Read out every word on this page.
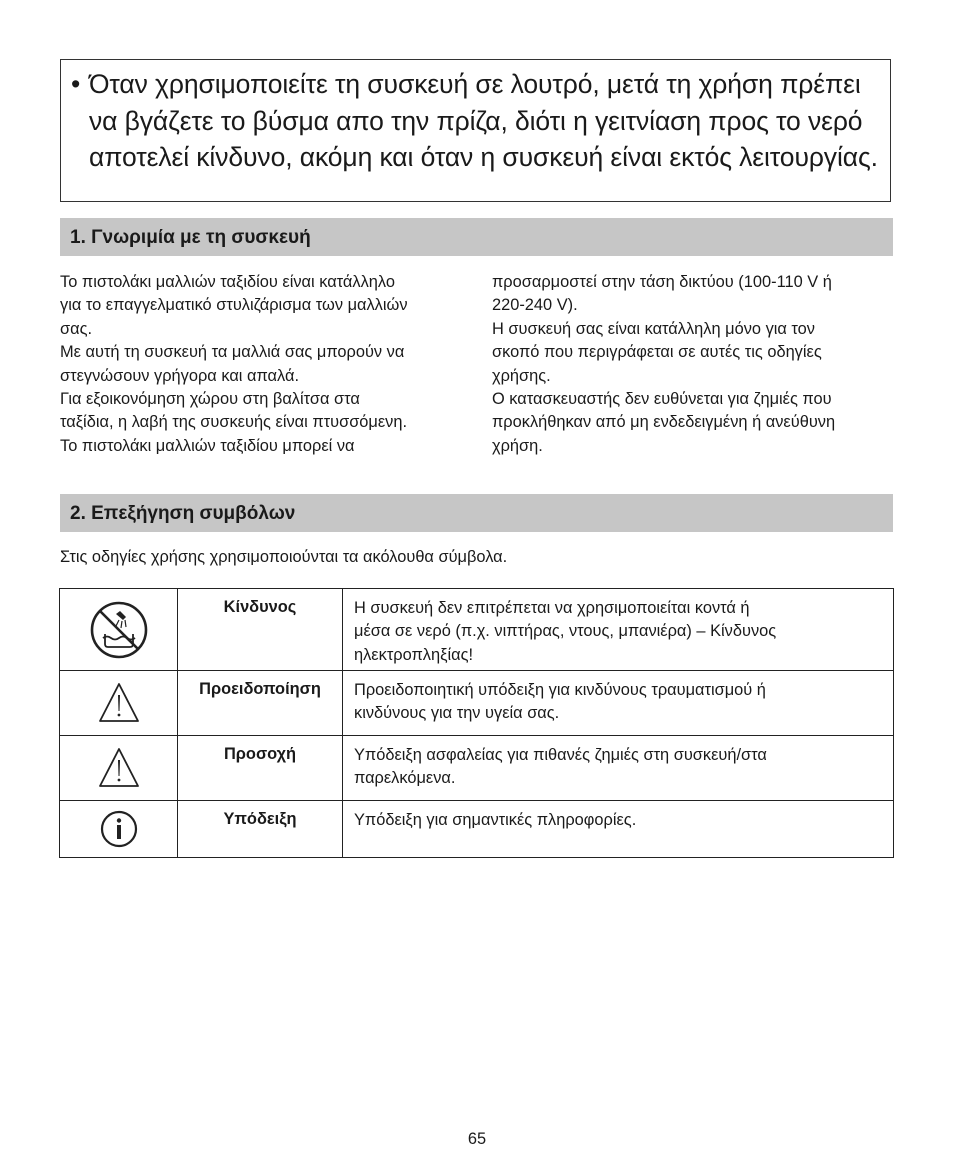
• Όταν χρησιμοποιείτε τη συσκευή σε λουτρό, μετά τη χρήση πρέπει να βγάζετε το βύσμα απο την πρίζα, διότι η γειτνίαση προς το νερό αποτελεί κίνδυνο, ακόμη και όταν η συσκευή είναι εκτός λειτουργίας.
1. Γνωριμία με τη συσκευή

Το πιστολάκι μαλλιών ταξιδίου είναι κατάλληλο

για το επαγγελματικό στυλιζάρισμα των μαλλιών

σας.

Με αυτή τη συσκευή τα μαλλιά σας μπορούν να

στεγνώσουν γρήγορα και απαλά.

Για εξοικονόμηση χώρου στη βαλίτσα στα

ταξίδια, η λαβή της συσκευής είναι πτυσσόμενη.

Το πιστολάκι μαλλιών ταξιδίου μπορεί να

προσαρμοστεί στην τάση δικτύου (100-110 V ή

220-240 V).

Η συσκευή σας είναι κατάλληλη μόνο για τον

σκοπό που περιγράφεται σε αυτές τις οδηγίες

χρήσης.

Ο κατασκευαστής δεν ευθύνεται για ζημιές που

προκλήθηκαν από μη ενδεδειγμένη ή ανεύθυνη

χρήση.

2. Επεξήγηση συμβόλων
Στις οδηγίες χρήσης χρησιμοποιούνται τα ακόλουθα σύμβολα.
	Κίνδυνος	Η συσκευή δεν επιτρέπεται να χρησιμοποιείται κοντά ή
μέσα σε νερό (π.χ. νιπτήρας, ντους, μπανιέρα) – Κίνδυνος
ηλεκτροπληξίας!

	Προειδοποίηση	Προειδοποιητική υπόδειξη για κινδύνους τραυματισμού ή
κινδύνους για την υγεία σας.

	Προσοχή	Υπόδειξη ασφαλείας για πιθανές ζημιές στη συσκευή/στα
παρελκόμενα.

	Υπόδειξη	Υπόδειξη για σημαντικές πληροφορίες.
65
